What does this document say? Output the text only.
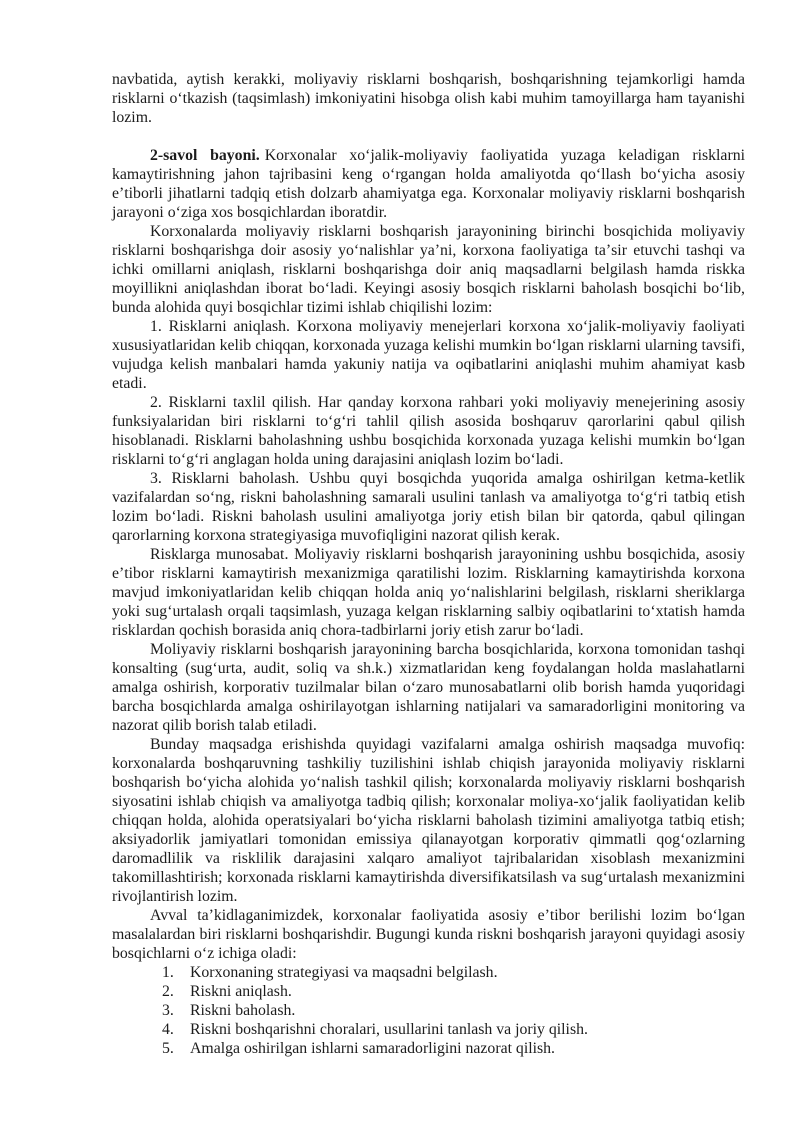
navbatida, aytish kerakki, moliyaviy risklarni boshqarish, boshqarishning tejamkorligi hamda risklarni oʻtkazish (taqsimlash) imkoniyatini hisobga olish kabi muhim tamoyillarga ham tayanishi lozim.

2-savol bayoni. Korxonalar xoʻjalik-moliyaviy faoliyatida yuzaga keladigan risklarni kamaytirishning jahon tajribasini keng oʻrgangan holda amaliyotda qoʻllash boʻyicha asosiy eʼtiborli jihatlarni tadqiq etish dolzarb ahamiyatga ega. Korxonalar moliyaviy risklarni boshqarish jarayoni oʻziga xos bosqichlardan iboratdir.

Korxonalarda moliyaviy risklarni boshqarish jarayonining birinchi bosqichida moliyaviy risklarni boshqarishga doir asosiy yoʻnalishlar yaʼni, korxona faoliyatiga taʼsir etuvchi tashqi va ichki omillarni aniqlash, risklarni boshqarishga doir aniq maqsadlarni belgilash hamda riskka moyillikni aniqlashdan iborat boʻladi. Keyingi asosiy bosqich risklarni baholash bosqichi boʻlib, bunda alohida quyi bosqichlar tizimi ishlab chiqilishi lozim:

1. Risklarni aniqlash. Korxona moliyaviy menejerlari korxona xoʻjalik-moliyaviy faoliyati xususiyatlaridan kelib chiqqan, korxonada yuzaga kelishi mumkin boʻlgan risklarni ularning tavsifi, vujudga kelish manbalari hamda yakuniy natija va oqibatlarini aniqlashi muhim ahamiyat kasb etadi.

2. Risklarni taxlil qilish. Har qanday korxona rahbari yoki moliyaviy menejerining asosiy funksiyalaridan biri risklarni toʻgʻri tahlil qilish asosida boshqaruv qarorlarini qabul qilish hisoblanadi. Risklarni baholashning ushbu bosqichida korxonada yuzaga kelishi mumkin boʻlgan risklarni toʻgʻri anglagan holda uning darajasini aniqlash lozim boʻladi.

3. Risklarni baholash. Ushbu quyi bosqichda yuqorida amalga oshirilgan ketma-ketlik vazifalardan soʻng, riskni baholashning samarali usulini tanlash va amaliyotga toʻgʻri tatbiq etish lozim boʻladi. Riskni baholash usulini amaliyotga joriy etish bilan bir qatorda, qabul qilingan qarorlarning korxona strategiyasiga muvofiqligini nazorat qilish kerak.

Risklarga munosabat. Moliyaviy risklarni boshqarish jarayonining ushbu bosqichida, asosiy eʼtibor risklarni kamaytirish mexanizmiga qaratilishi lozim. Risklarning kamaytirishda korxona mavjud imkoniyatlaridan kelib chiqqan holda aniq yoʻnalishlarini belgilash, risklarni sheriklarga yoki sugʻurtalash orqali taqsimlash, yuzaga kelgan risklarning salbiy oqibatlarini toʻxtatish hamda risklardan qochish borasida aniq chora-tadbirlarni joriy etish zarur boʻladi.

Moliyaviy risklarni boshqarish jarayonining barcha bosqichlarida, korxona tomonidan tashqi konsalting (sugʻurta, audit, soliq va sh.k.) xizmatlaridan keng foydalangan holda maslahatlarni amalga oshirish, korporativ tuzilmalar bilan oʻzaro munosabatlarni olib borish hamda yuqoridagi barcha bosqichlarda amalga oshirilayotgan ishlarning natijalari va samaradorligini monitoring va nazorat qilib borish talab etiladi.

Bunday maqsadga erishishda quyidagi vazifalarni amalga oshirish maqsadga muvofiq: korxonalarda boshqaruvning tashkiliy tuzilishini ishlab chiqish jarayonida moliyaviy risklarni boshqarish boʻyicha alohida yoʻnalish tashkil qilish; korxonalarda moliyaviy risklarni boshqarish siyosatini ishlab chiqish va amaliyotga tadbiq qilish; korxonalar moliya-xoʻjalik faoliyatidan kelib chiqqan holda, alohida operatsiyalari boʻyicha risklarni baholash tizimini amaliyotga tatbiq etish; aksiyadorlik jamiyatlari tomonidan emissiya qilanayotgan korporativ qimmatli qogʻozlarning daromadlilik va risklilik darajasini xalqaro amaliyot tajribalaridan xisoblash mexanizmini takomillashtirish; korxonada risklarni kamaytirishda diversifikatsilash va sugʻurtalash mexanizmini rivojlantirish lozim.

Avval taʼkidlaganimizdek, korxonalar faoliyatida asosiy eʼtibor berilishi lozim boʻlgan masalalardan biri risklarni boshqarishdir. Bugungi kunda riskni boshqarish jarayoni quyidagi asosiy bosqichlarni oʻz ichiga oladi:

1.	Korxonaning strategiyasi va maqsadni belgilash.
2.	Riskni aniqlash.
3.	Riskni baholash.
4.	Riskni boshqarishni choralari, usullarini tanlash va joriy qilish.
5.	Amalga oshirilgan ishlarni samaradorligini nazorat qilish.
